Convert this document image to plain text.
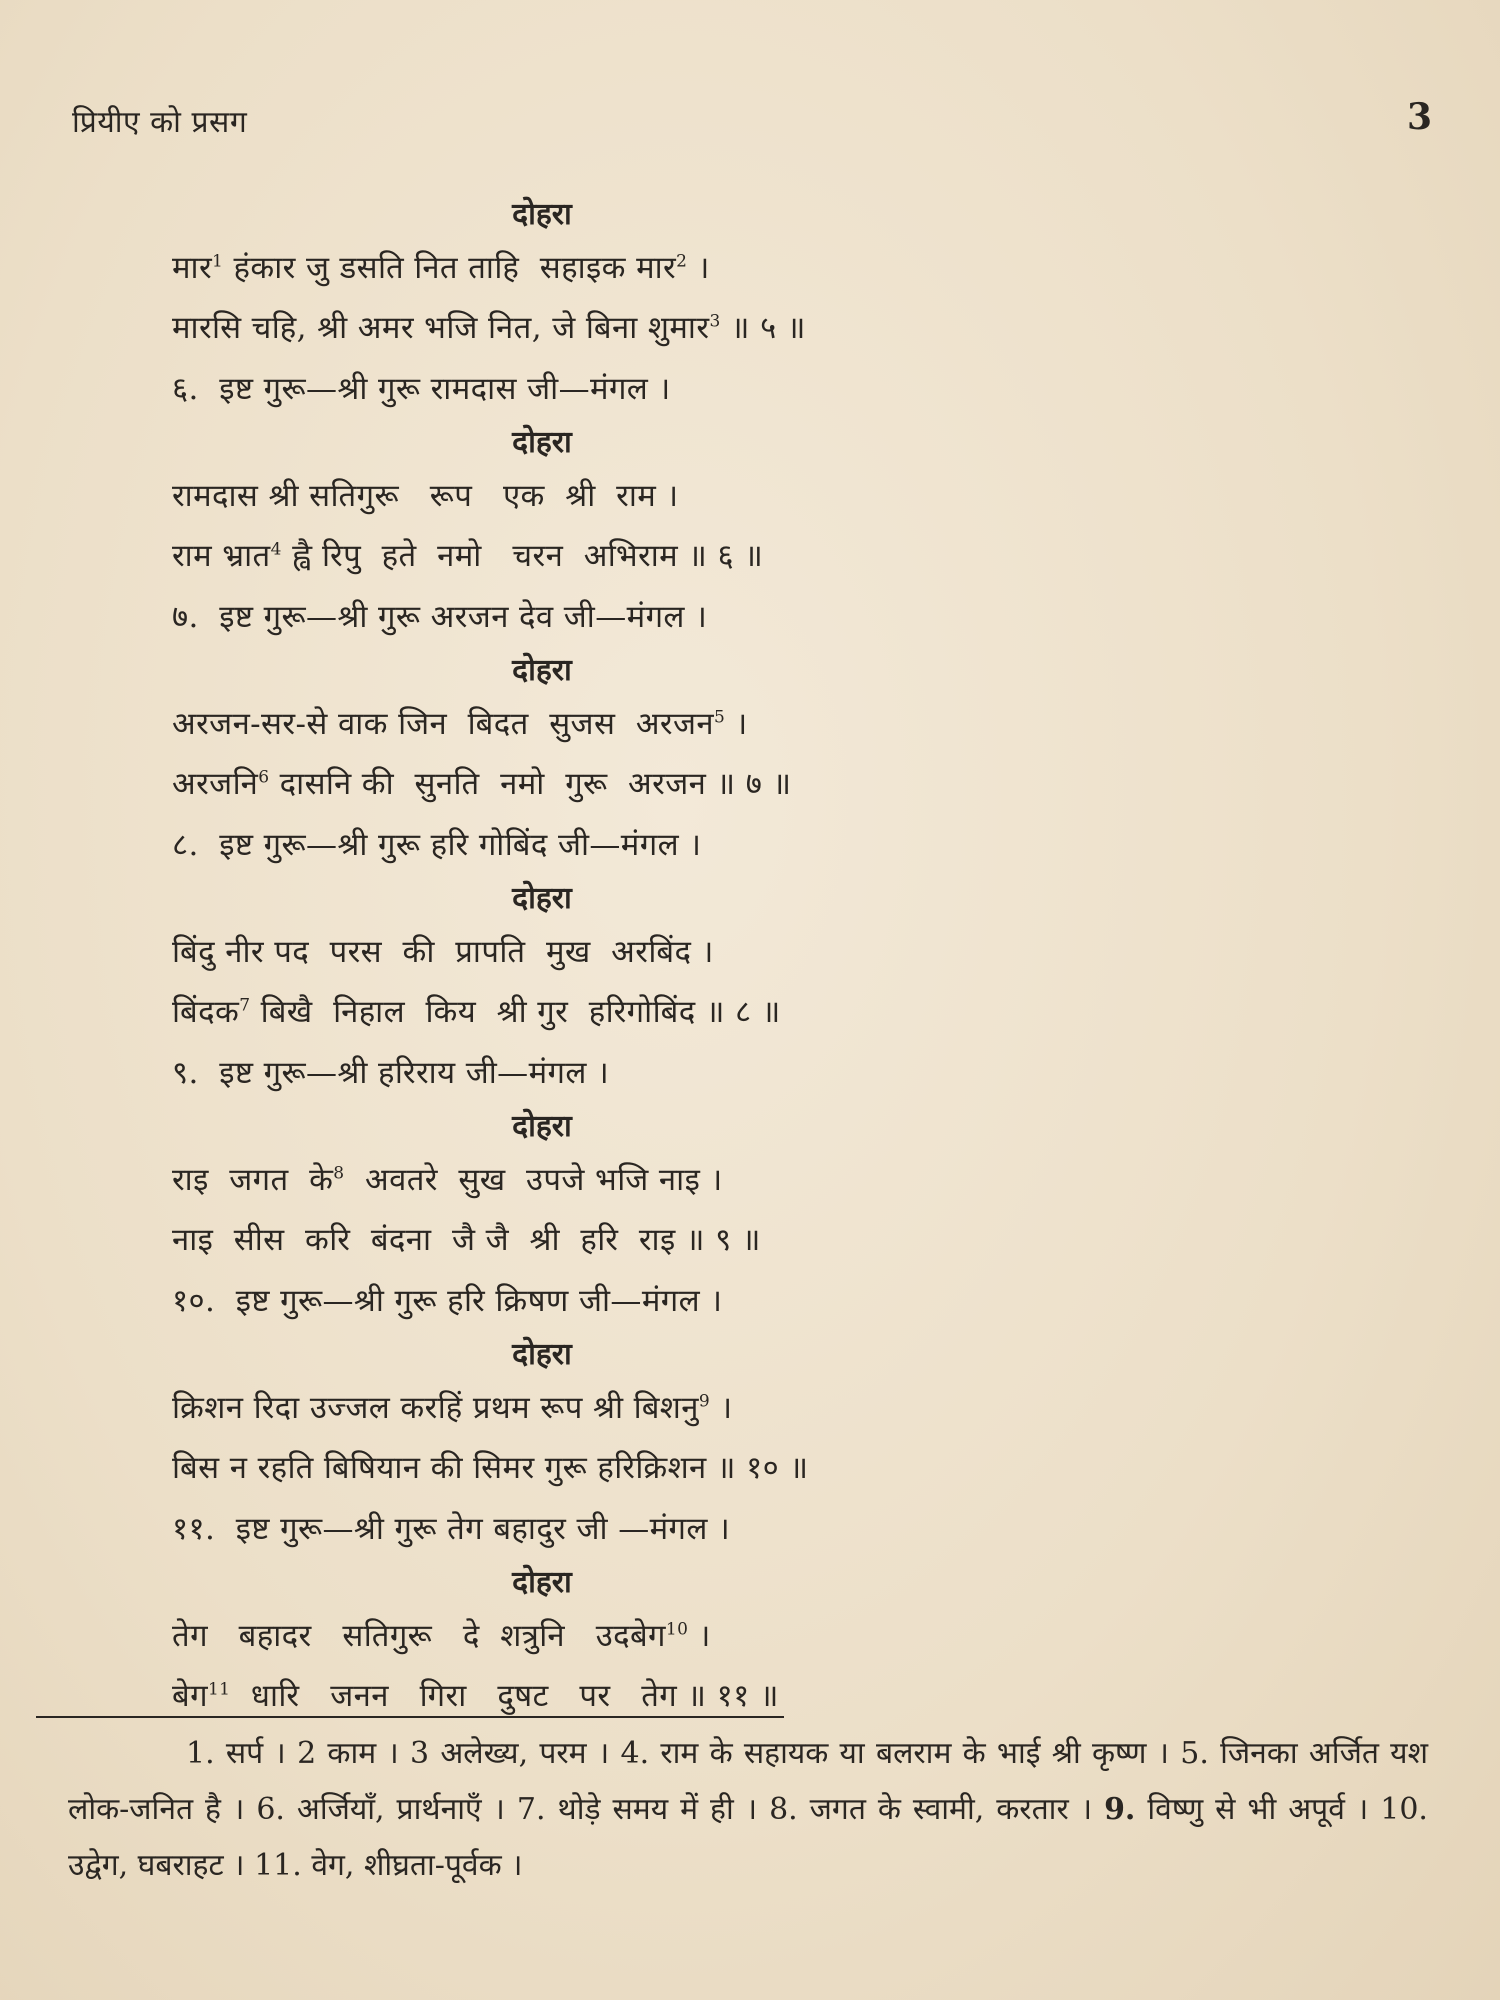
प्रियीए को प्रसग	3
दोहरा
मार$^1$ हंकार जु डसति नित ताहि  सहाइक मार$^2$ ।
मारसि चहि, श्री अमर भजि नित, जे बिना शुमार$^3$ ॥ ५ ॥
६.  इष्ट गुरू—श्री गुरू रामदास जी—मंगल ।
दोहरा
रामदास श्री सतिगुरू   रूप   एक  श्री  राम ।
राम भ्रात$^4$ ह्वै रिपु  हते  नमो   चरन  अभिराम ॥ ६ ॥
७.  इष्ट गुरू—श्री गुरू अरजन देव जी—मंगल ।
दोहरा
अरजन-सर-से वाक जिन  बिदत  सुजस  अरजन$^5$ ।
अरजनि$^6$ दासनि की  सुनति  नमो  गुरू  अरजन ॥ ७ ॥
८.  इष्ट गुरू—श्री गुरू हरि गोबिंद जी—मंगल ।
दोहरा
बिंदु नीर पद  परस  की  प्रापति  मुख  अरबिंद ।
बिंदक$^7$ बिखै  निहाल  किय  श्री गुर  हरिगोबिंद ॥ ८ ॥
९.  इष्ट गुरू—श्री हरिराय जी—मंगल ।
दोहरा
राइ  जगत  के$^8$  अवतरे  सुख  उपजे भजि नाइ ।
नाइ  सीस  करि  बंदना  जै जै  श्री  हरि  राइ ॥ ९ ॥
१०.  इष्ट गुरू—श्री गुरू हरि क्रिषण जी—मंगल ।
दोहरा
क्रिशन रिदा उज्जल करहिं प्रथम रूप श्री बिशनु$^9$ ।
बिस न रहति बिषियान की सिमर गुरू हरिक्रिशन ॥ १० ॥
११.  इष्ट गुरू—श्री गुरू तेग बहादुर जी —मंगल ।
दोहरा
तेग   बहादर   सतिगुरू   दे  शत्रुनि   उदबेग$^{10}$ ।
बेग$^{11}$  धारि   जनन   गिरा   दुषट   पर   तेग ॥ ११ ॥
1. सर्प । 2 काम । 3 अलेख्य, परम । 4. राम के सहायक या बलराम के भाई श्री कृष्ण । 5. जिनका अर्जित यश लोक-जनित है । 6. अर्जियाँ, प्रार्थनाएँ । 7. थोड़े समय में ही । 8. जगत के स्वामी, करतार । 9. विष्णु से भी अपूर्व । 10. उद्वेग, घबराहट । 11. वेग, शीघ्रता-पूर्वक ।
